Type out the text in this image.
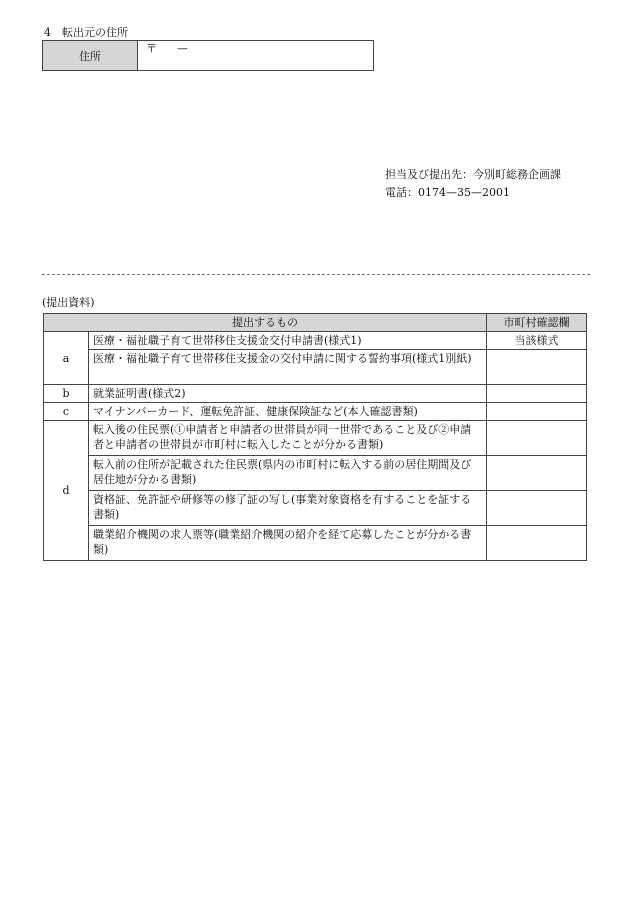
4　転出元の住所
住所	〒 —
担当及び提出先：今別町総務企画課
電話：0174—35—2001
(提出資料)
提出するもの		市町村確認欄
a	医療・福祉職子育て世帯移住支援金交付申請書(様式1)	当該様式
	医療・福祉職子育て世帯移住支援金の交付申請に関する誓約事項(様式1別紙)	
b	就業証明書(様式2)	
c	マイナンバーカード、運転免許証、健康保険証など(本人確認書類)	
d	転入後の住民票(①申請者と申請者の世帯員が同一世帯であること及び②申請者と申請者の世帯員が市町村に転入したことが分かる書類)	
	転入前の住所が記載された住民票(県内の市町村に転入する前の居住期間及び居住地が分かる書類)	
	資格証、免許証や研修等の修了証の写し(事業対象資格を有することを証する書類)	
	職業紹介機関の求人票等(職業紹介機関の紹介を経て応募したことが分かる書類)	
